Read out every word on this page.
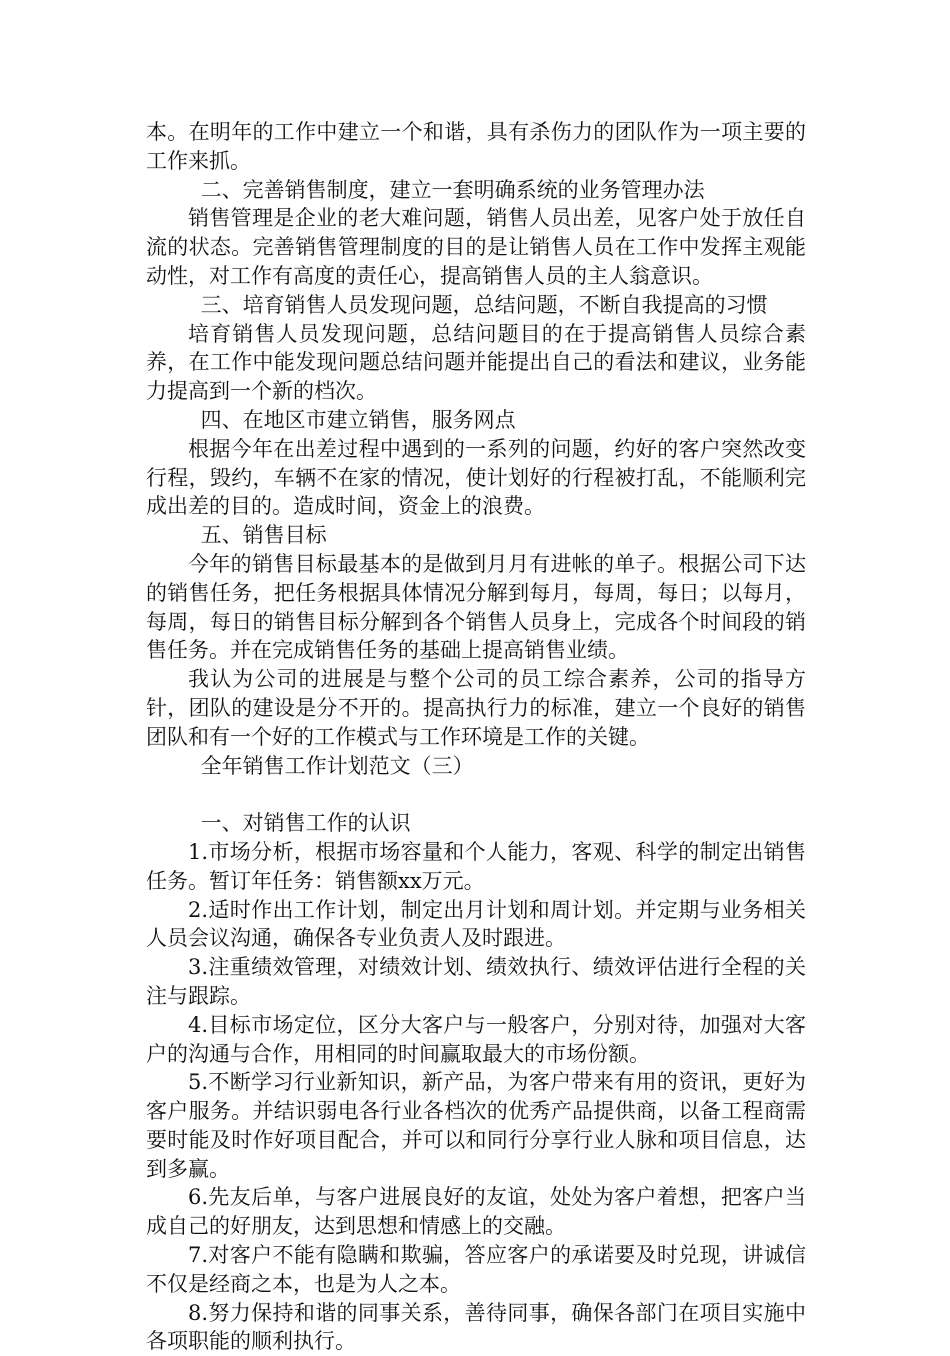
本。在明年的工作中建立一个和谐，具有杀伤力的团队作为一项主要的工作来抓。

二、完善销售制度，建立一套明确系统的业务管理办法

销售管理是企业的老大难问题，销售人员出差，见客户处于放任自流的状态。完善销售管理制度的目的是让销售人员在工作中发挥主观能动性，对工作有高度的责任心，提高销售人员的主人翁意识。

三、培育销售人员发现问题，总结问题，不断自我提高的习惯

培育销售人员发现问题，总结问题目的在于提高销售人员综合素养，在工作中能发现问题总结问题并能提出自己的看法和建议，业务能力提高到一个新的档次。

四、在地区市建立销售，服务网点

根据今年在出差过程中遇到的一系列的问题，约好的客户突然改变行程，毁约，车辆不在家的情况，使计划好的行程被打乱，不能顺利完成出差的目的。造成时间，资金上的浪费。

五、销售目标

今年的销售目标最基本的是做到月月有进帐的单子。根据公司下达的销售任务，把任务根据具体情况分解到每月，每周，每日；以每月，每周，每日的销售目标分解到各个销售人员身上，完成各个时间段的销售任务。并在完成销售任务的基础上提高销售业绩。

我认为公司的进展是与整个公司的员工综合素养，公司的指导方针，团队的建设是分不开的。提高执行力的标准，建立一个良好的销售团队和有一个好的工作模式与工作环境是工作的关键。

全年销售工作计划范文（三）

一、对销售工作的认识

1.市场分析，根据市场容量和个人能力，客观、科学的制定出销售任务。暂订年任务：销售额xx万元。

2.适时作出工作计划，制定出月计划和周计划。并定期与业务相关人员会议沟通，确保各专业负责人及时跟进。

3.注重绩效管理，对绩效计划、绩效执行、绩效评估进行全程的关注与跟踪。

4.目标市场定位，区分大客户与一般客户，分别对待，加强对大客户的沟通与合作，用相同的时间赢取最大的市场份额。

5.不断学习行业新知识，新产品，为客户带来有用的资讯，更好为客户服务。并结识弱电各行业各档次的优秀产品提供商，以备工程商需要时能及时作好项目配合，并可以和同行分享行业人脉和项目信息，达到多赢。

6.先友后单，与客户进展良好的友谊，处处为客户着想，把客户当成自己的好朋友，达到思想和情感上的交融。

7.对客户不能有隐瞒和欺骗，答应客户的承诺要及时兑现，讲诚信不仅是经商之本，也是为人之本。

8.努力保持和谐的同事关系，善待同事，确保各部门在项目实施中各项职能的顺利执行。
